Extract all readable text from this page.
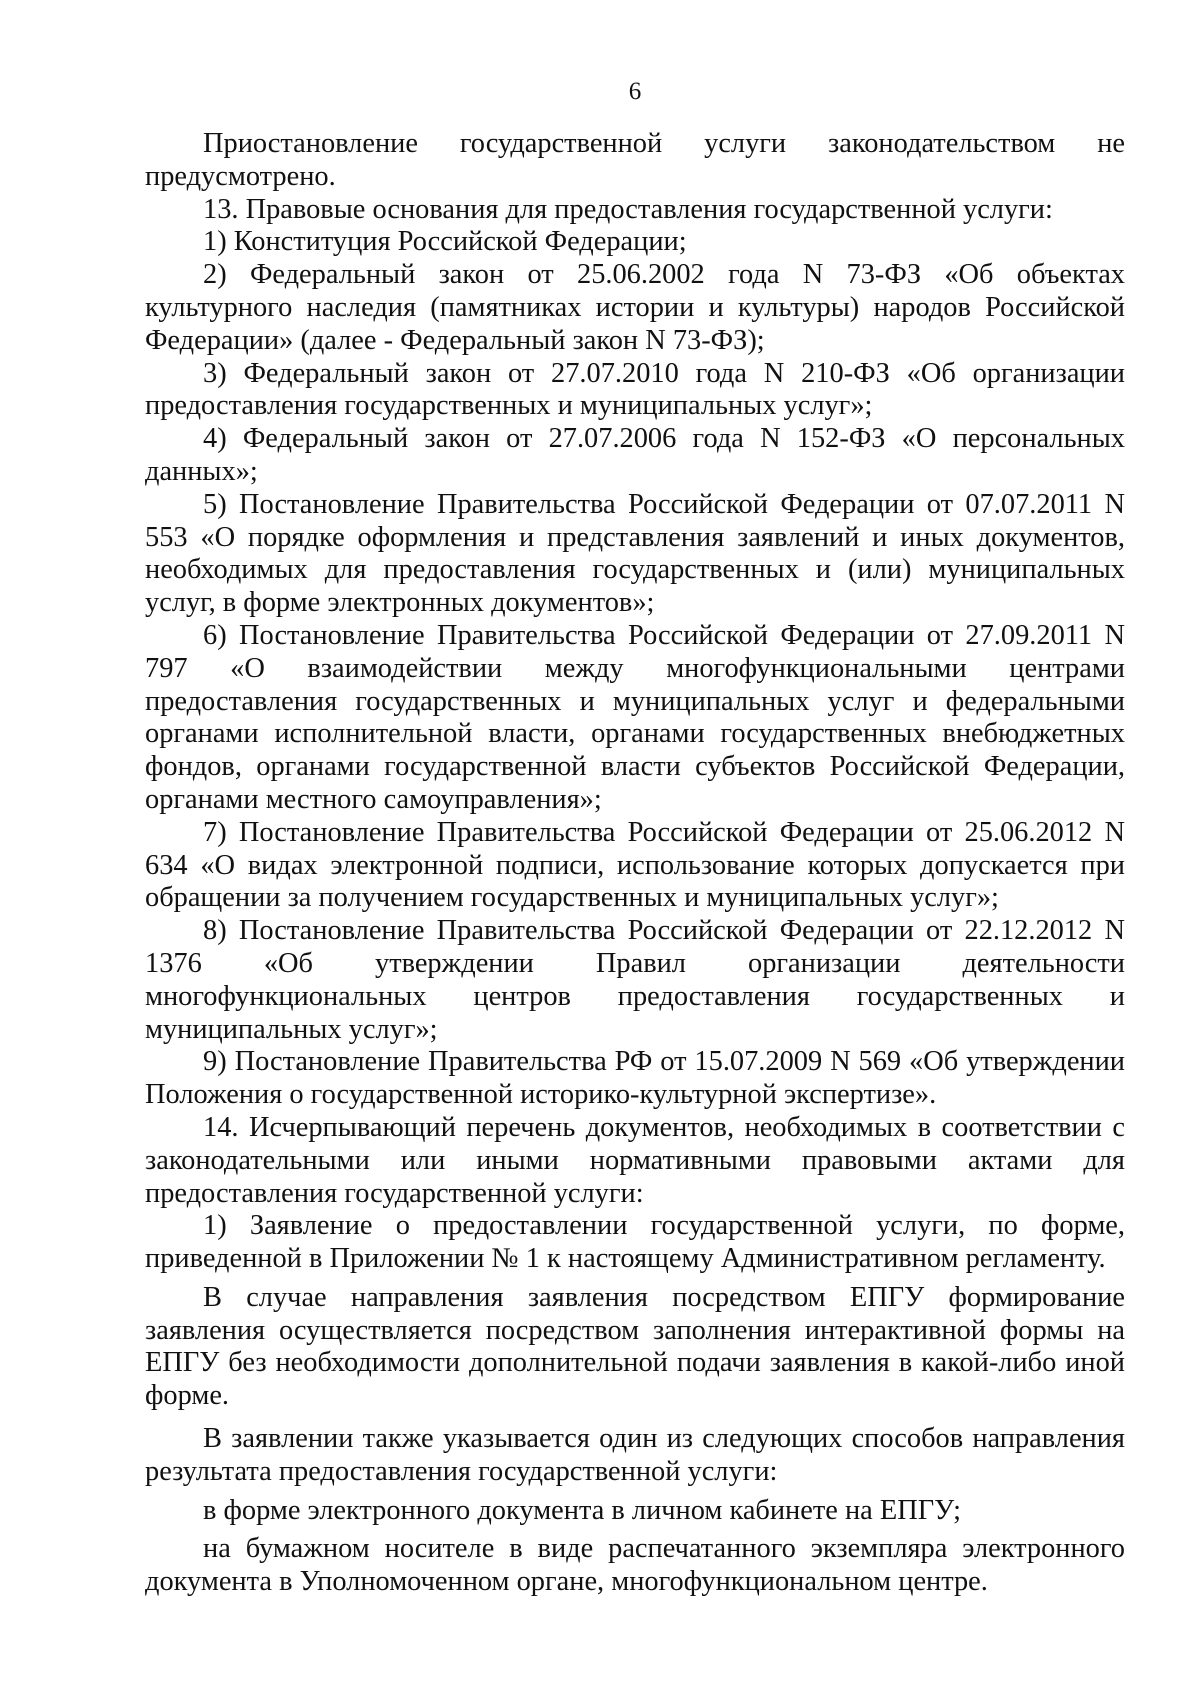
6

Приостановление государственной услуги законодательством не предусмотрено.

13. Правовые основания для предоставления государственной услуги:

1) Конституция Российской Федерации;

2) Федеральный закон от 25.06.2002 года N 73-ФЗ «Об объектах культурного наследия (памятниках истории и культуры) народов Российской Федерации» (далее - Федеральный закон N 73-ФЗ);

3) Федеральный закон от 27.07.2010 года N 210-ФЗ «Об организации предоставления государственных и муниципальных услуг»;

4) Федеральный закон от 27.07.2006 года N 152-ФЗ «О персональных данных»;

5) Постановление Правительства Российской Федерации от 07.07.2011 N 553 «О порядке оформления и представления заявлений и иных документов, необходимых для предоставления государственных и (или) муниципальных услуг, в форме электронных документов»;

6) Постановление Правительства Российской Федерации от 27.09.2011 N 797 «О взаимодействии между многофункциональными центрами предоставления государственных и муниципальных услуг и федеральными органами исполнительной власти, органами государственных внебюджетных фондов, органами государственной власти субъектов Российской Федерации, органами местного самоуправления»;

7) Постановление Правительства Российской Федерации от 25.06.2012 N 634 «О видах электронной подписи, использование которых допускается при обращении за получением государственных и муниципальных услуг»;

8) Постановление Правительства Российской Федерации от 22.12.2012 N 1376 «Об утверждении Правил организации деятельности многофункциональных центров предоставления государственных и муниципальных услуг»;

9) Постановление Правительства РФ от 15.07.2009 N 569 «Об утверждении Положения о государственной историко-культурной экспертизе».

14. Исчерпывающий перечень документов, необходимых в соответствии с законодательными или иными нормативными правовыми актами для предоставления государственной услуги:

1) Заявление о предоставлении государственной услуги, по форме, приведенной в Приложении № 1 к настоящему Административном регламенту.

В случае направления заявления посредством ЕПГУ формирование заявления осуществляется посредством заполнения интерактивной формы на ЕПГУ без необходимости дополнительной подачи заявления в какой-либо иной форме.

В заявлении также указывается один из следующих способов направления результата предоставления государственной услуги:

в форме электронного документа в личном кабинете на ЕПГУ;

на бумажном носителе в виде распечатанного экземпляра электронного документа в Уполномоченном органе, многофункциональном центре.
